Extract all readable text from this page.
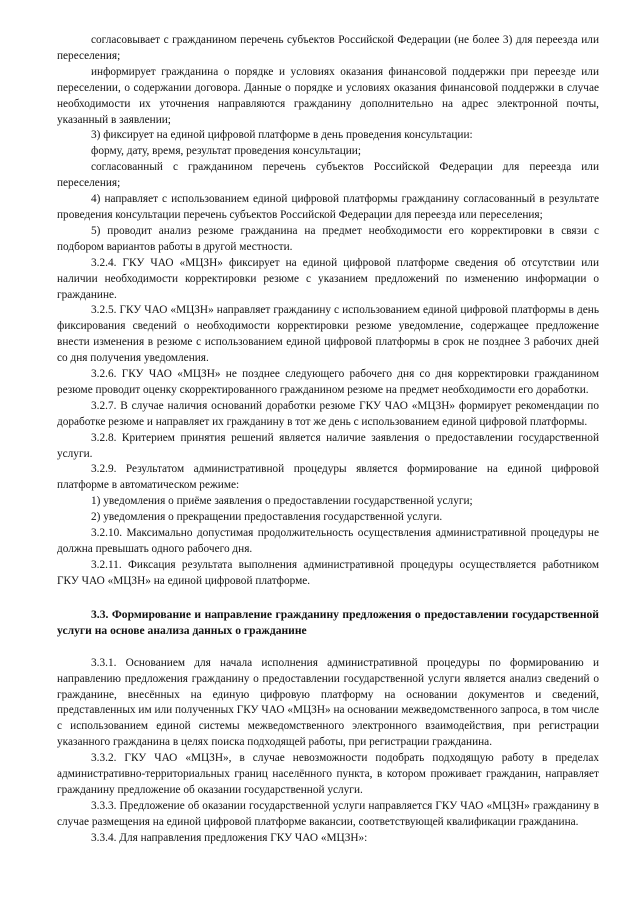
согласовывает с гражданином перечень субъектов Российской Федерации (не более 3) для переезда или переселения;

информирует гражданина о порядке и условиях оказания финансовой поддержки при переезде или переселении, о содержании договора. Данные о порядке и условиях оказания финансовой поддержки в случае необходимости их уточнения направляются гражданину дополнительно на адрес электронной почты, указанный в заявлении;

3) фиксирует на единой цифровой платформе в день проведения консультации:

форму, дату, время, результат проведения консультации;

согласованный с гражданином перечень субъектов Российской Федерации для переезда или переселения;

4) направляет с использованием единой цифровой платформы гражданину согласованный в результате проведения консультации перечень субъектов Российской Федерации для переезда или переселения;

5) проводит анализ резюме гражданина на предмет необходимости его корректировки в связи с подбором вариантов работы в другой местности.

3.2.4. ГКУ ЧАО «МЦЗН» фиксирует на единой цифровой платформе сведения об отсутствии или наличии необходимости корректировки резюме с указанием предложений по изменению информации о гражданине.

3.2.5. ГКУ ЧАО «МЦЗН» направляет гражданину с использованием единой цифровой платформы в день фиксирования сведений о необходимости корректировки резюме уведомление, содержащее предложение внести изменения в резюме с использованием единой цифровой платформы в срок не позднее 3 рабочих дней со дня получения уведомления.

3.2.6. ГКУ ЧАО «МЦЗН» не позднее следующего рабочего дня со дня корректировки гражданином резюме проводит оценку скорректированного гражданином резюме на предмет необходимости его доработки.

3.2.7. В случае наличия оснований доработки резюме ГКУ ЧАО «МЦЗН» формирует рекомендации по доработке резюме и направляет их гражданину в тот же день с использованием единой цифровой платформы.

3.2.8. Критерием принятия решений является наличие заявления о предоставлении государственной услуги.

3.2.9. Результатом административной процедуры является формирование на единой цифровой платформе в автоматическом режиме:

1) уведомления о приёме заявления о предоставлении государственной услуги;

2) уведомления о прекращении предоставления государственной услуги.

3.2.10. Максимально допустимая продолжительность осуществления административной процедуры не должна превышать одного рабочего дня.

3.2.11. Фиксация результата выполнения административной процедуры осуществляется работником ГКУ ЧАО «МЦЗН» на единой цифровой платформе.

3.3. Формирование и направление гражданину предложения о предоставлении государственной услуги на основе анализа данных о гражданине

3.3.1. Основанием для начала исполнения административной процедуры по формированию и направлению предложения гражданину о предоставлении государственной услуги является анализ сведений о гражданине, внесённых на единую цифровую платформу на основании документов и сведений, представленных им или полученных ГКУ ЧАО «МЦЗН» на основании межведомственного запроса, в том числе с использованием единой системы межведомственного электронного взаимодействия, при регистрации указанного гражданина в целях поиска подходящей работы, при регистрации гражданина.

3.3.2. ГКУ ЧАО «МЦЗН», в случае невозможности подобрать подходящую работу в пределах административно-территориальных границ населённого пункта, в котором проживает гражданин, направляет гражданину предложение об оказании государственной услуги.

3.3.3. Предложение об оказании государственной услуги направляется ГКУ ЧАО «МЦЗН» гражданину в случае размещения на единой цифровой платформе вакансии, соответствующей квалификации гражданина.

3.3.4. Для направления предложения ГКУ ЧАО «МЦЗН»:
